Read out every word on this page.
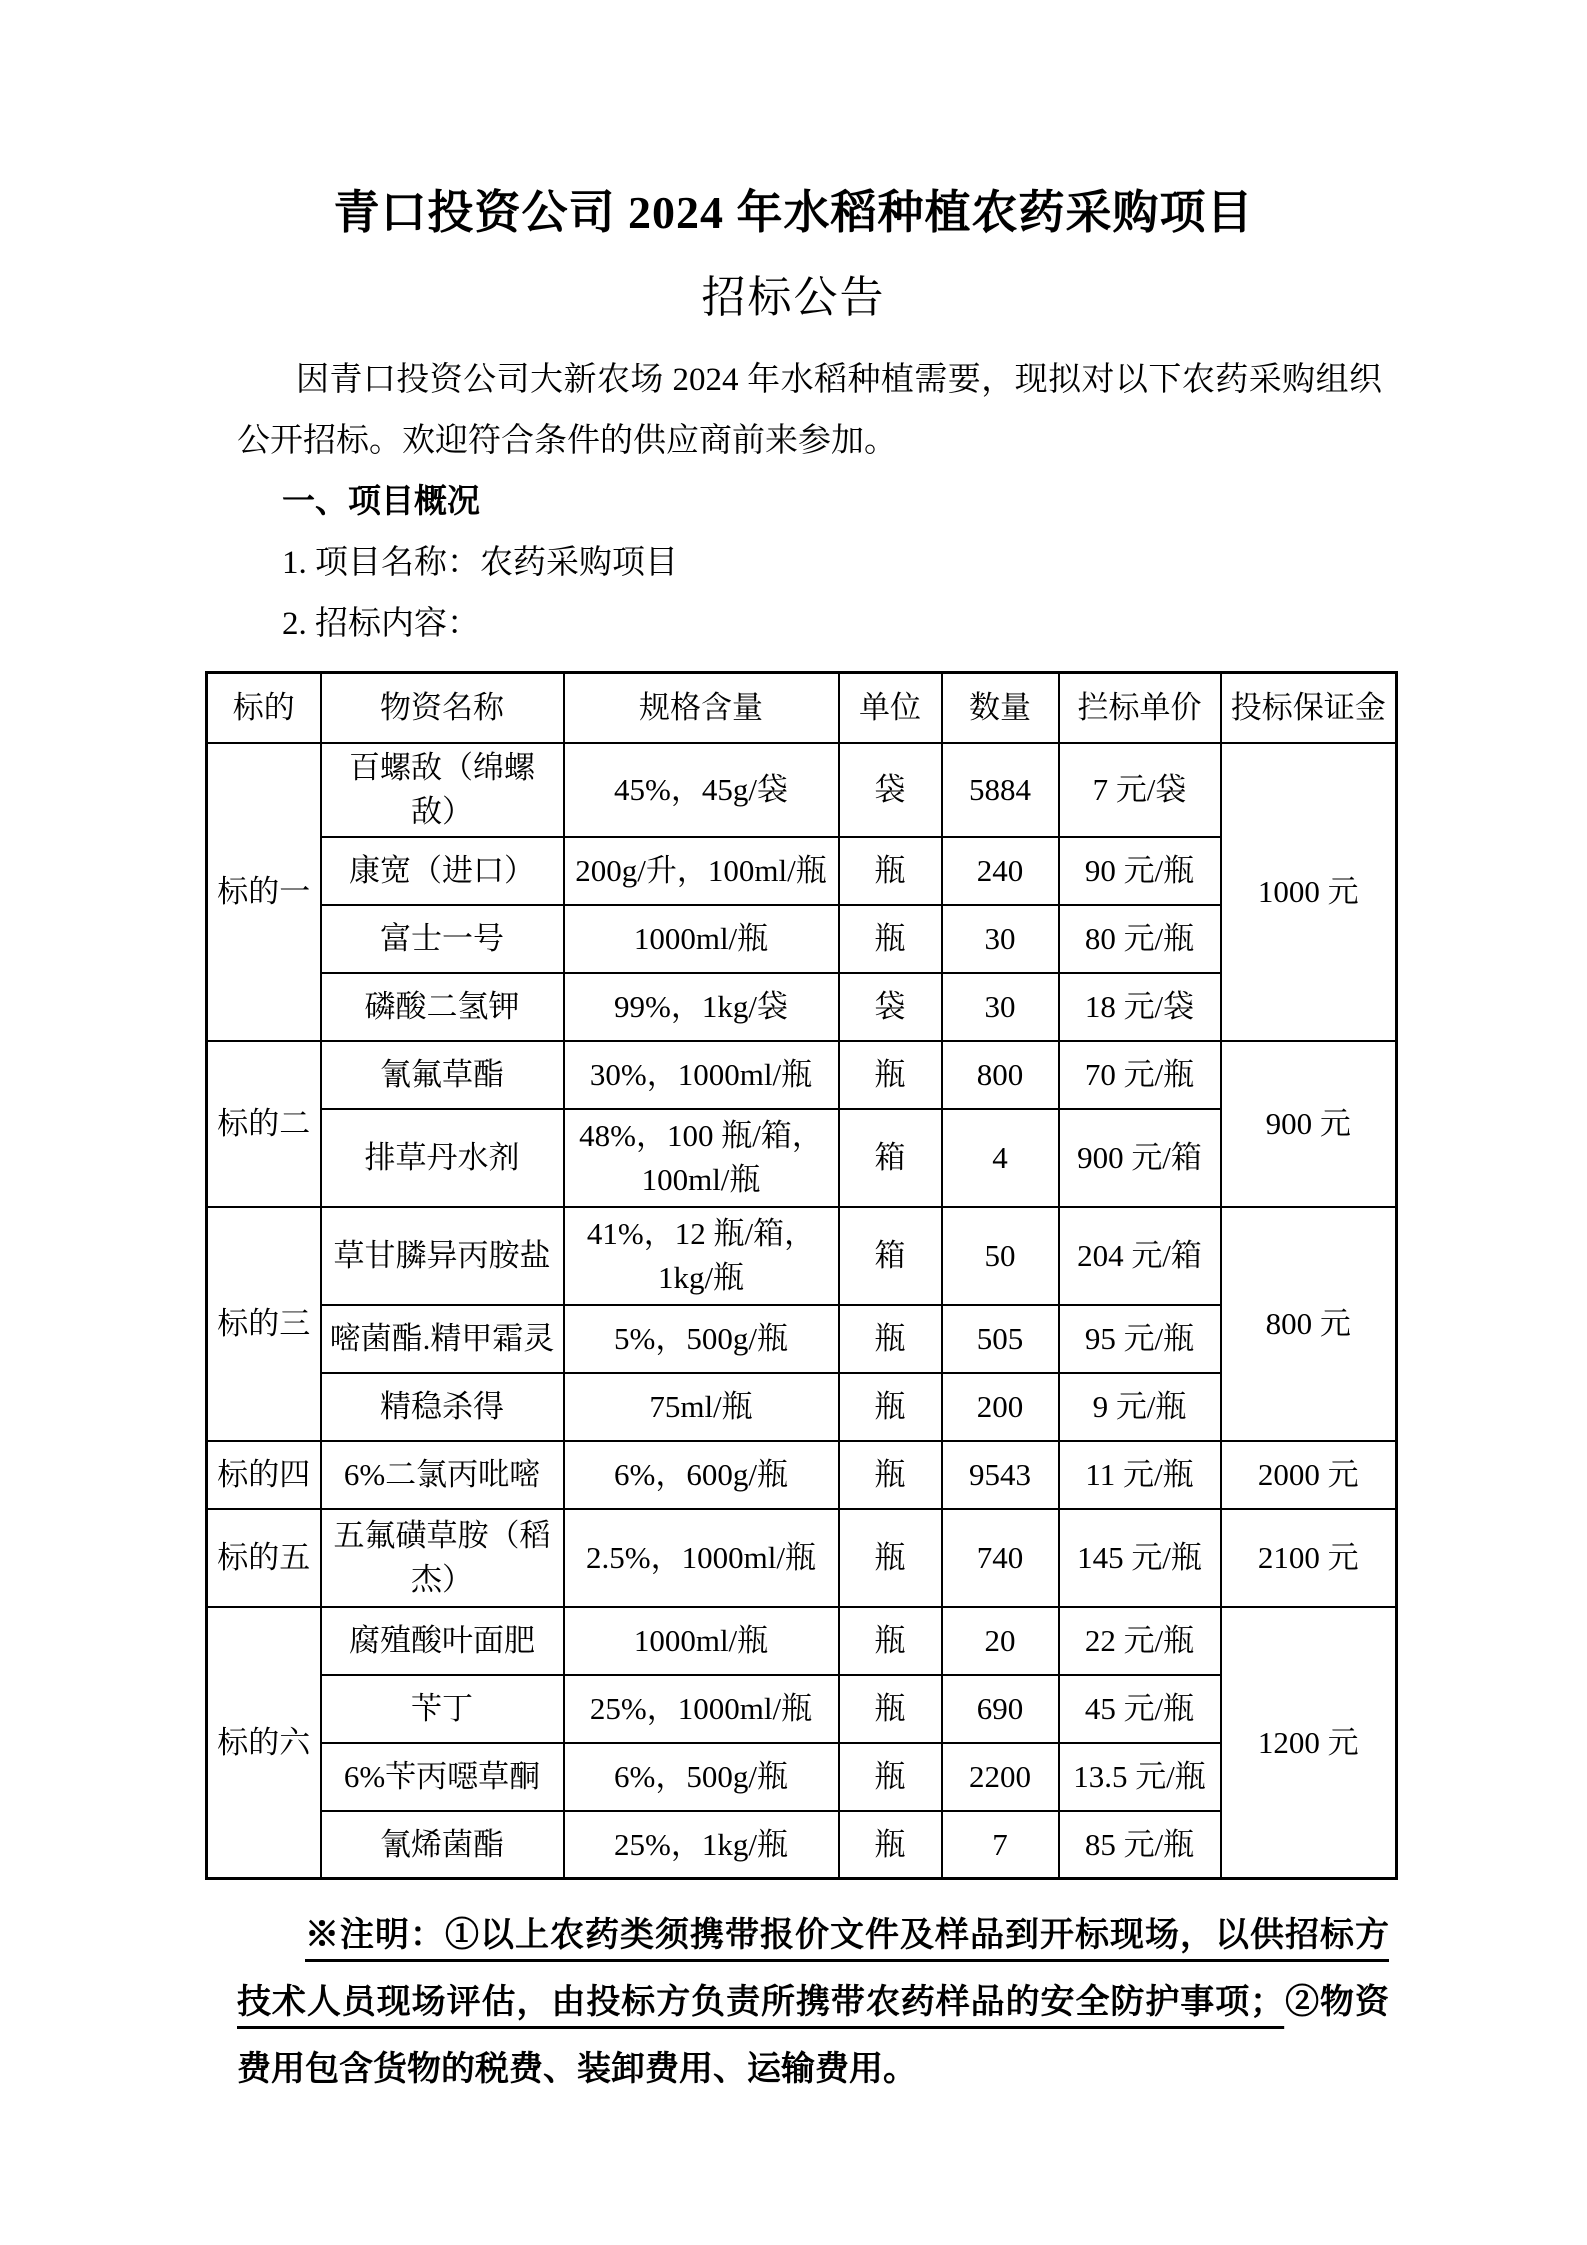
青口投资公司 2024 年水稻种植农药采购项目

招标公告

因青口投资公司大新农场 2024 年水稻种植需要，现拟对以下农药采购组织公开招标。欢迎符合条件的供应商前来参加。

一、项目概况

1. 项目名称：农药采购项目

2. 招标内容：

标的	物资名称	规格含量	单位	数量	拦标单价	投标保证金
标的一	百螺敌（绵螺敌）	45%，45g/袋	袋	5884	7 元/袋	1000 元
	康宽（进口）	200g/升，100ml/瓶	瓶	240	90 元/瓶	
	富士一号	1000ml/瓶	瓶	30	80 元/瓶	
	磷酸二氢钾	99%，1kg/袋	袋	30	18 元/袋	
标的二	氰氟草酯	30%，1000ml/瓶	瓶	800	70 元/瓶	900 元
	排草丹水剂	48%，100 瓶/箱，100ml/瓶	箱	4	900 元/箱	
标的三	草甘膦异丙胺盐	41%，12 瓶/箱，1kg/瓶	箱	50	204 元/箱	800 元
	嘧菌酯.精甲霜灵	5%，500g/瓶	瓶	505	95 元/瓶	
	精稳杀得	75ml/瓶	瓶	200	9 元/瓶	
标的四	6%二氯丙吡嘧	6%，600g/瓶	瓶	9543	11 元/瓶	2000 元
标的五	五氟磺草胺（稻杰）	2.5%，1000ml/瓶	瓶	740	145 元/瓶	2100 元
标的六	腐殖酸叶面肥	1000ml/瓶	瓶	20	22 元/瓶	1200 元
	苄丁	25%，1000ml/瓶	瓶	690	45 元/瓶	
	6%苄丙噁草酮	6%，500g/瓶	瓶	2200	13.5 元/瓶	
	氰烯菌酯	25%，1kg/瓶	瓶	7	85 元/瓶	

※注明：①以上农药类须携带报价文件及样品到开标现场，以供招标方技术人员现场评估，由投标方负责所携带农药样品的安全防护事项；②物资费用包含货物的税费、装卸费用、运输费用。
